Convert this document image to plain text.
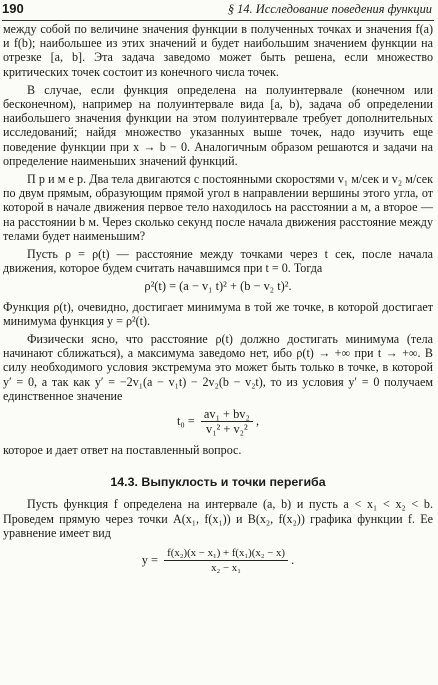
190	§ 14. Исследование поведения функции

между собой по величине значения функции в полученных точках и значения f(a) и f(b); наибольшее из этих значений и будет наибольшим значением функции на отрезке [a, b]. Эта задача заведомо может быть решена, если множество критических точек состоит из конечного числа точек.

В случае, если функция определена на полуинтервале (конечном или бесконечном), например на полуинтервале вида [a, b), задача об определении наибольшего значения функции на этом полуинтервале требует дополнительных исследований; найдя множество указанных выше точек, надо изучить еще поведение функции при x → b − 0. Аналогичным образом решаются и задачи на определение наименьших значений функций.

П р и м е р. Два тела двигаются с постоянными скоростями v₁ м/сек и v₂ м/сек по двум прямым, образующим прямой угол в направлении вершины этого угла, от которой в начале движения первое тело находилось на расстоянии a м, а второе — на расстоянии b м. Через сколько секунд после начала движения расстояние между телами будет наименьшим?

Пусть ρ = ρ(t) — расстояние между точками через t сек, после начала движения, которое будем считать начавшимся при t = 0. Тогда

ρ²(t) = (a − v₁ t)² + (b − v₂ t)².

Функция ρ(t), очевидно, достигает минимума в той же точке, в которой достигает минимума функция y = ρ²(t).

Физически ясно, что расстояние ρ(t) должно достигать минимума (тела начинают сближаться), а максимума заведомо нет, ибо ρ(t) → +∞ при t → +∞. В силу необходимого условия экстремума это может быть только в точке, в которой y′ = 0, а так как y′ = −2v₁(a − v₁t) − 2v₂(b − v₂t), то из условия y′ = 0 получаем единственное значение

$t_0 = \frac{\text{av₁ + bv₂}}{\text{v₁² + v₂²}}$ ,

которое и дает ответ на поставленный вопрос.

14.3. Выпуклость и точки перегиба

Пусть функция f определена на интервале (a, b) и пусть a < x₁ < x₂ < b. Проведем прямую через точки A(x₁, f(x₁)) и B(x₂, f(x₂)) графика функции f. Ее уравнение имеет вид

$y = \frac{\text{f(x₂)(x − x₁) + f(x₁)(x₂ − x)}}{\text{x₂ − x₁}}$ .
